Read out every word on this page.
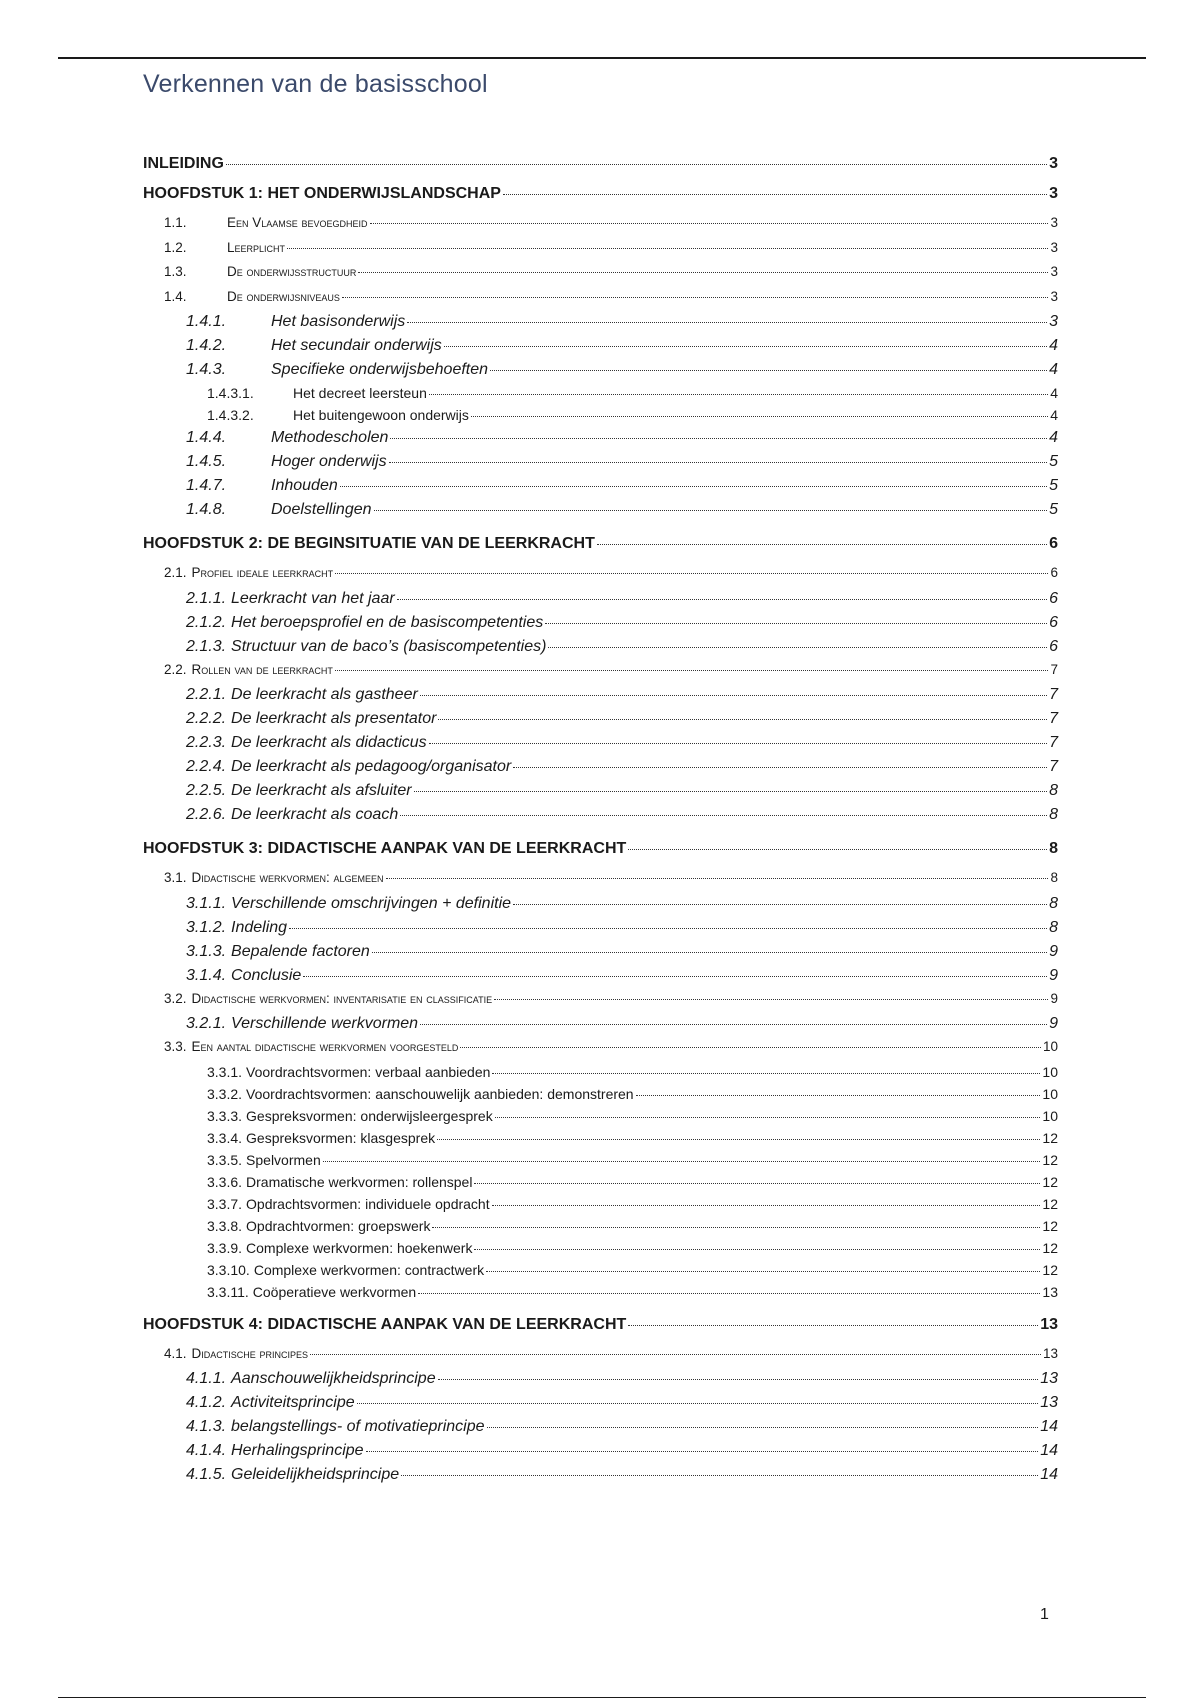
Verkennen van de basisschool
INLEIDING	3
HOOFDSTUK 1: HET ONDERWIJSLANDSCHAP	3
1.1.	Een Vlaamse bevoegdheid	3
1.2.	Leerplicht	3
1.3.	De onderwijsstructuur	3
1.4.	De onderwijsniveaus	3
1.4.1.	Het basisonderwijs	3
1.4.2.	Het secundair onderwijs	4
1.4.3.	Specifieke onderwijsbehoeften	4
1.4.3.1.	Het decreet leersteun	4
1.4.3.2.	Het buitengewoon onderwijs	4
1.4.4.	Methodescholen	4
1.4.5.	Hoger onderwijs	5
1.4.7.	Inhouden	5
1.4.8.	Doelstellingen	5
HOOFDSTUK 2: DE BEGINSITUATIE VAN DE LEERKRACHT	6
2.1. Profiel ideale leerkracht	6
2.1.1. Leerkracht van het jaar	6
2.1.2. Het beroepsprofiel en de basiscompetenties	6
2.1.3. Structuur van de baco’s (basiscompetenties)	6
2.2. Rollen van de leerkracht	7
2.2.1. De leerkracht als gastheer	7
2.2.2. De leerkracht als presentator	7
2.2.3. De leerkracht als didacticus	7
2.2.4. De leerkracht als pedagoog/organisator	7
2.2.5. De leerkracht als afsluiter	8
2.2.6. De leerkracht als coach	8
HOOFDSTUK 3: DIDACTISCHE AANPAK VAN DE LEERKRACHT	8
3.1. Didactische werkvormen: algemeen	8
3.1.1. Verschillende omschrijvingen + definitie	8
3.1.2. Indeling	8
3.1.3. Bepalende factoren	9
3.1.4. Conclusie	9
3.2. Didactische werkvormen: inventarisatie en classificatie	9
3.2.1. Verschillende werkvormen	9
3.3. Een aantal didactische werkvormen voorgesteld	10
3.3.1. Voordrachtsvormen: verbaal aanbieden	10
3.3.2. Voordrachtsvormen: aanschouwelijk aanbieden: demonstreren	10
3.3.3. Gespreksvormen: onderwijsleergesprek	10
3.3.4. Gespreksvormen: klasgesprek	12
3.3.5. Spelvormen	12
3.3.6. Dramatische werkvormen: rollenspel	12
3.3.7. Opdrachtsvormen: individuele opdracht	12
3.3.8. Opdrachtvormen: groepswerk	12
3.3.9. Complexe werkvormen: hoekenwerk	12
3.3.10. Complexe werkvormen: contractwerk	12
3.3.11. Coöperatieve werkvormen	13
HOOFDSTUK 4: DIDACTISCHE AANPAK VAN DE LEERKRACHT	13
4.1. Didactische principes	13
4.1.1. Aanschouwelijkheidsprincipe	13
4.1.2. Activiteitsprincipe	13
4.1.3. belangstellings- of motivatieprincipe	14
4.1.4. Herhalingsprincipe	14
4.1.5. Geleidelijkheidsprincipe	14
1
